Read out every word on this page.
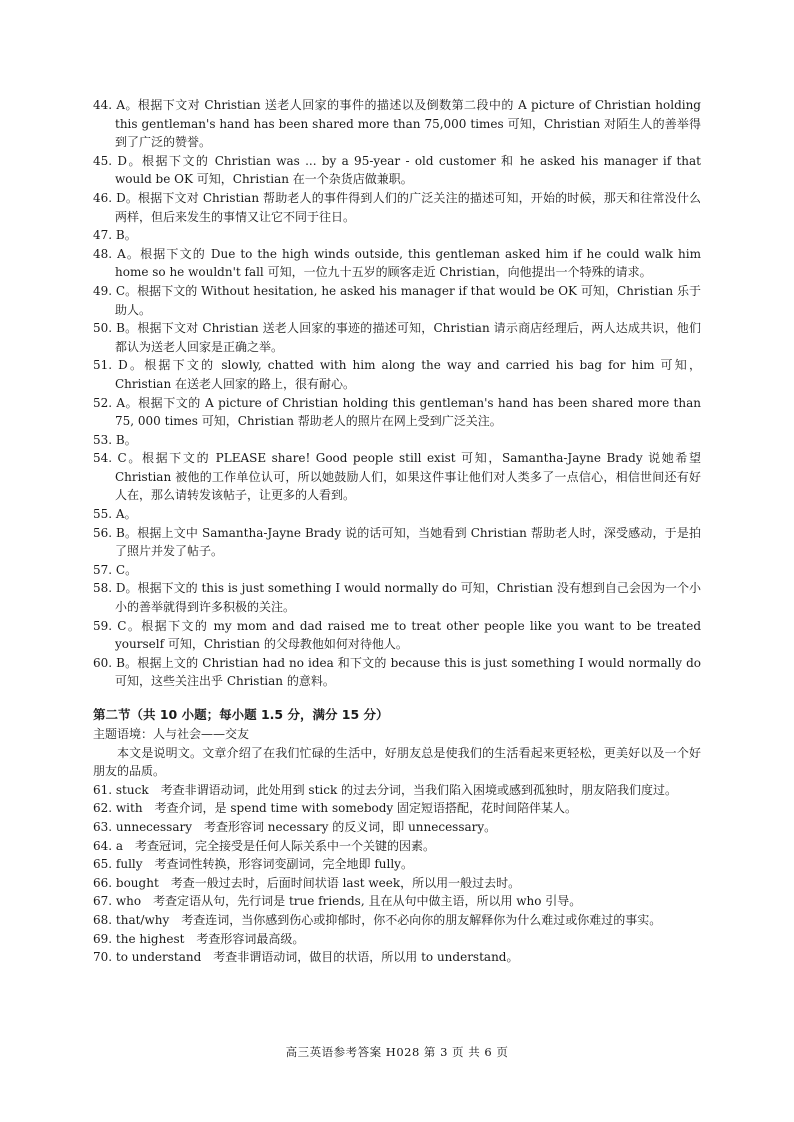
44. A。根据下文对 Christian 送老人回家的事件的描述以及倒数第二段中的 A picture of Christian holding this gentleman's hand has been shared more than 75,000 times 可知，Christian 对陌生人的善举得到了广泛的赞誉。
45. D。根据下文的 Christian was ... by a 95-year - old customer 和 he asked his manager if that would be OK 可知，Christian 在一个杂货店做兼职。
46. D。根据下文对 Christian 帮助老人的事件得到人们的广泛关注的描述可知，开始的时候，那天和往常没什么两样，但后来发生的事情又让它不同于往日。
47. B。
48. A。根据下文的 Due to the high winds outside, this gentleman asked him if he could walk him home so he wouldn't fall 可知，一位九十五岁的顾客走近 Christian，向他提出一个特殊的请求。
49. C。根据下文的 Without hesitation, he asked his manager if that would be OK 可知，Christian 乐于助人。
50. B。根据下文对 Christian 送老人回家的事迹的描述可知，Christian 请示商店经理后，两人达成共识，他们都认为送老人回家是正确之举。
51. D。根据下文的 slowly, chatted with him along the way and carried his bag for him 可知，Christian 在送老人回家的路上，很有耐心。
52. A。根据下文的 A picture of Christian holding this gentleman's hand has been shared more than 75, 000 times 可知，Christian 帮助老人的照片在网上受到广泛关注。
53. B。
54. C。根据下文的 PLEASE share! Good people still exist 可知，Samantha-Jayne Brady 说她希望 Christian 被他的工作单位认可，所以她鼓励人们，如果这件事让他们对人类多了一点信心，相信世间还有好人在，那么请转发该帖子，让更多的人看到。
55. A。
56. B。根据上文中 Samantha-Jayne Brady 说的话可知，当她看到 Christian 帮助老人时，深受感动，于是拍了照片并发了帖子。
57. C。
58. D。根据下文的 this is just something I would normally do 可知，Christian 没有想到自己会因为一个小小的善举就得到许多积极的关注。
59. C。根据下文的 my mom and dad raised me to treat other people like you want to be treated yourself 可知，Christian 的父母教他如何对待他人。
60. B。根据上文的 Christian had no idea 和下文的 because this is just something I would normally do 可知，这些关注出乎 Christian 的意料。
第二节（共 10 小题；每小题 1.5 分，满分 15 分）
主题语境：人与社会——交友
本文是说明文。文章介绍了在我们忙碌的生活中，好朋友总是使我们的生活看起来更轻松，更美好以及一个好朋友的品质。
61. stuck　考查非谓语动词，此处用到 stick 的过去分词，当我们陷入困境或感到孤独时，朋友陪我们度过。
62. with　考查介词，是 spend time with somebody 固定短语搭配，花时间陪伴某人。
63. unnecessary　考查形容词 necessary 的反义词，即 unnecessary。
64. a　考查冠词，完全接受是任何人际关系中一个关键的因素。
65. fully　考查词性转换，形容词变副词，完全地即 fully。
66. bought　考查一般过去时，后面时间状语 last week，所以用一般过去时。
67. who　考查定语从句，先行词是 true friends, 且在从句中做主语，所以用 who 引导。
68. that/why　考查连词，当你感到伤心或抑郁时，你不必向你的朋友解释你为什么难过或你难过的事实。
69. the highest　考查形容词最高级。
70. to understand　考查非谓语动词，做目的状语，所以用 to understand。
高三英语参考答案 H028 第 3 页 共 6 页
